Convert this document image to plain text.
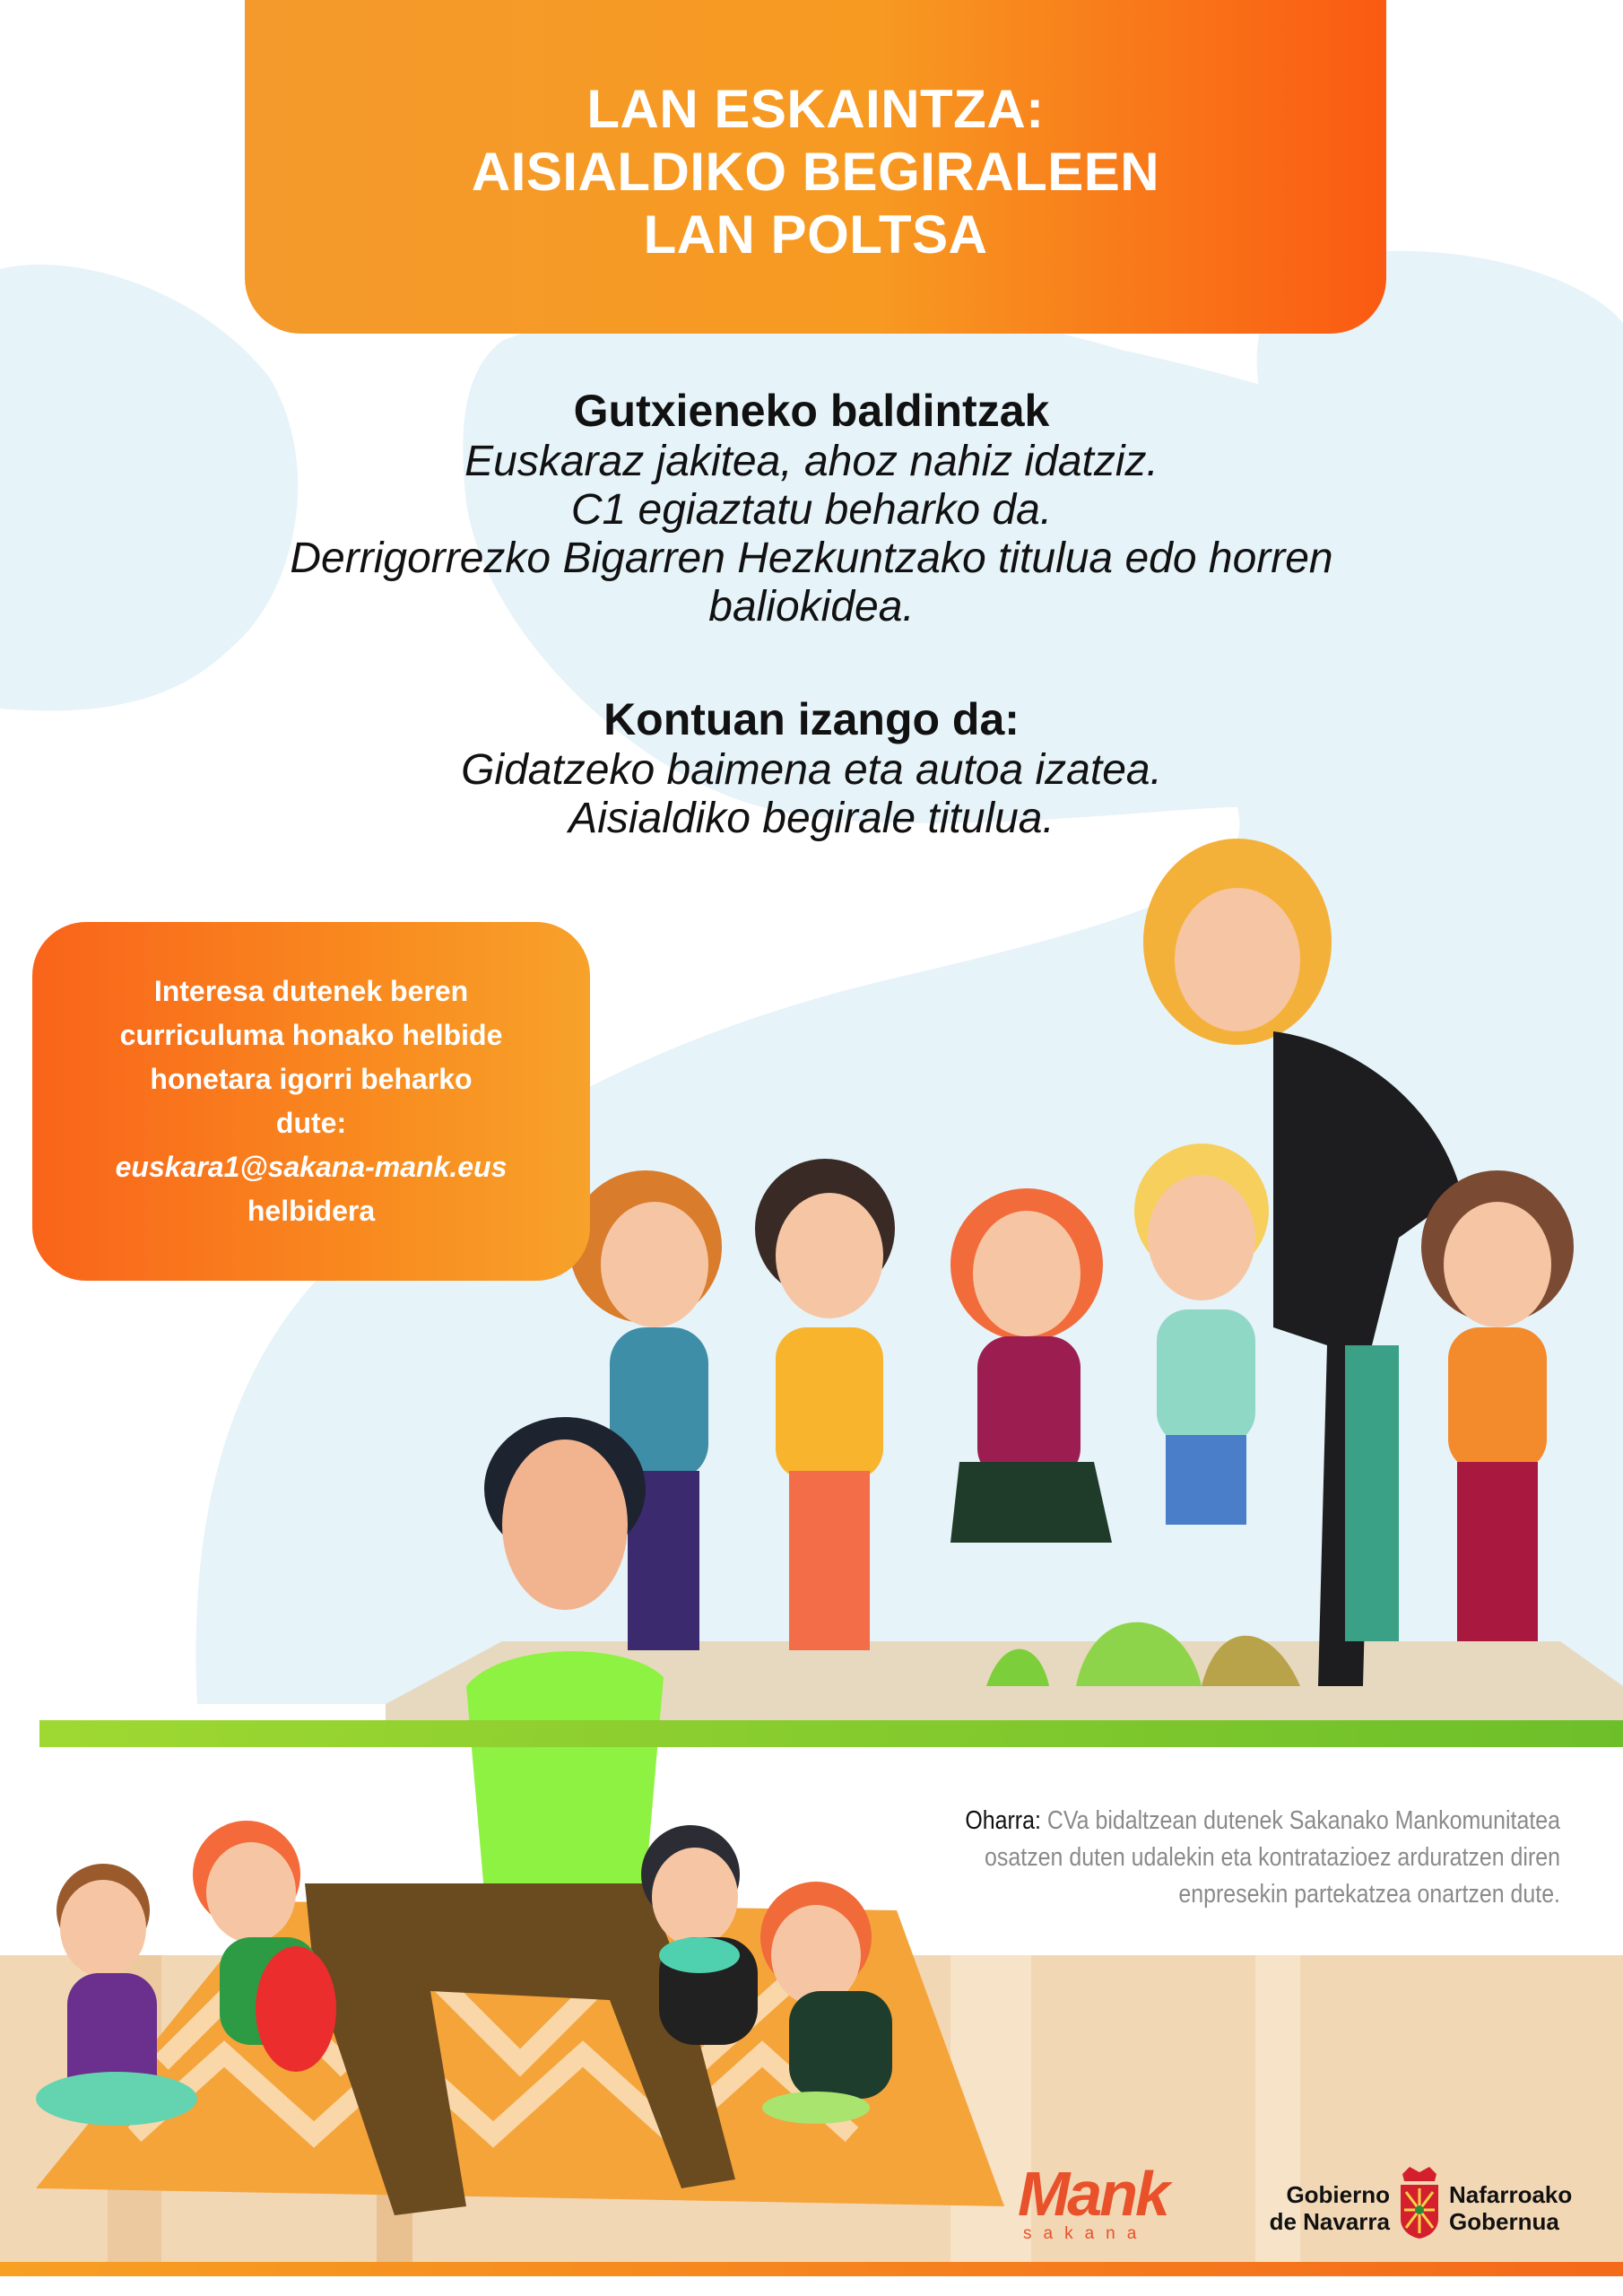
LAN ESKAINTZA:
AISIALDIKO BEGIRALEEN
LAN POLTSA
Gutxieneko baldintzak
Euskaraz jakitea, ahoz nahiz idatziz.
C1 egiaztatu beharko da.
Derrigorrezko Bigarren Hezkuntzako titulua edo horren
baliokidea.
Kontuan izango da:
Gidatzeko baimena eta autoa izatea.
Aisialdiko begirale titulua.
Interesa dutenek beren
curriculuma honako helbide
honetara igorri beharko
dute:
euskara1@sakana-mank.eus
helbidera
Oharra: CVa bidaltzean dutenek Sakanako Mankomunitatea
osatzen duten udalekin eta kontratazioez arduratzen diren
enpresekin partekatzea onartzen dute.
Mank
sakana
Gobierno
de Navarra
Nafarroako
Gobernua
